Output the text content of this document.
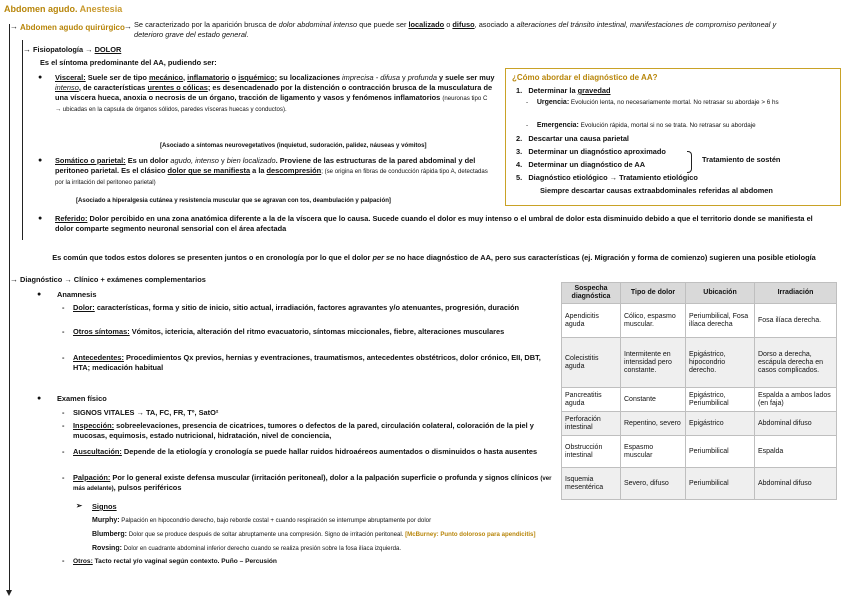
Abdomen agudo. Anestesia
→ Abdomen agudo quirúrgico → Se caracterizado por la aparición brusca de dolor abdominal intenso que puede ser localizado o difuso, asociado a alteraciones del tránsito intestinal, manifestaciones de compromiso peritoneal y deterioro grave del estado general.
→ Fisiopatología → DOLOR
Es el síntoma predominante del AA, pudiendo ser:
● Visceral: Suele ser de tipo mecánico, inflamatorio o isquémico; su localizaciones imprecisa - difusa y profunda y suele ser muy intenso, de características urentes o cólicas; es desencadenado por la distención o contracción brusca de la musculatura de una víscera hueca, anoxia o necrosis de un órgano, tracción de ligamento y vasos y fenómenos inflamatorios (neuronas tipo C → ubicadas en la capsula de órganos sólidos, paredes vísceras huecas y conductos).
[Asociado a síntomas neurovegetativos (inquietud, sudoración, palidez, náuseas y vómitos]
● Somático o parietal: Es un dolor agudo, intenso y bien localizado. Proviene de las estructuras de la pared abdominal y del peritoneo parietal. Es el clásico dolor que se manifiesta a la descompresión; (se origina en fibras de conducción rápida tipo A, detectadas por la irritación del peritoneo parietal)
[Asociado a hiperalgesia cutánea y resistencia muscular que se agravan con tos, deambulación y palpación]
● Referido: Dolor percibido en una zona anatómica diferente a la de la víscera que lo causa. Sucede cuando el dolor es muy intenso o el umbral de dolor esta disminuido debido a que el territorio donde se manifiesta el dolor comparte segmento neuronal sensorial con el área afectada
¿Cómo abordar el diagnóstico de AA?
1. Determinar la gravedad
- Urgencia: Evolución lenta, no necesariamente mortal. No retrasar su abordaje > 6 hs
- Emergencia: Evolución rápida, mortal si no se trata. No retrasar su abordaje
2. Descartar una causa parietal
3. Determinar un diagnóstico aproximado
4. Determinar un diagnóstico de AA
Tratamiento de sostén
5. Diagnóstico etiológico → Tratamiento etiológico
Siempre descartar causas extraabdominales referidas al abdomen
Es común que todos estos dolores se presenten juntos o en cronología por lo que el dolor per se no hace diagnóstico de AA, pero sus características (ej. Migración y forma de comienzo) sugieren una posible etiología
→ Diagnóstico → Clínico + exámenes complementarios
● Anamnesis
- Dolor: características, forma y sitio de inicio, sitio actual, irradiación, factores agravantes y/o atenuantes, progresión, duración
- Otros síntomas: Vómitos, ictericia, alteración del ritmo evacuatorio, síntomas miccionales, fiebre, alteraciones musculares
- Antecedentes: Procedimientos Qx previos, hernias y eventraciones, traumatismos, antecedentes obstétricos, dolor crónico, EII, DBT, HTA; medicación habitual
● Examen físico
- SIGNOS VITALES → TA, FC, FR, Tº, SatO²
- Inspección: sobreelevaciones, presencia de cicatrices, tumores o defectos de la pared, circulación colateral, coloración de la piel y mucosas, equimosis, estado nutricional, hidratación, nivel de conciencia,
- Auscultación: Depende de la etiología y cronología se puede hallar ruidos hidroaéreos aumentados o disminuidos o hasta ausentes
- Palpación: Por lo general existe defensa muscular (irritación peritoneal), dolor a la palpación superficie o profunda y signos clínicos (ver más adelante), pulsos periféricos
➢ Signos
Murphy: Palpación en hipocondrio derecho, bajo reborde costal + cuando respiración se interrumpe abruptamente por dolor
Blumberg: Dolor que se produce después de soltar abruptamente una compresión. Signo de irritación peritoneal. [McBurney: Punto doloroso para apendicitis]
Rovsing: Dolor en cuadrante abdominal inferior derecho cuando se realiza presión sobre la fosa ilíaca izquierda.
- Otros: Tacto rectal y/o vaginal según contexto. Puño – Percusión
Sospecha diagnóstica	Tipo de dolor	Ubicación	Irradiación
Apendicitis aguda	Cólico, espasmo muscular.	Periumbilical, Fosa ilíaca derecha	Fosa ilíaca derecha.
Colecistitis aguda	Intermitente en intensidad pero constante.	Epigástrico, hipocondrio derecho.	Dorso a derecha, escápula derecha en casos complicados.
Pancreatitis aguda	Constante	Epigástrico, Periumbilical	Espalda a ambos lados (en faja)
Perforación intestinal	Repentino, severo	Epigástrico	Abdominal difuso
Obstrucción intestinal	Espasmo muscular	Periumbilical	Espalda
Isquemia mesentérica	Severo, difuso	Periumbilical	Abdominal difuso
